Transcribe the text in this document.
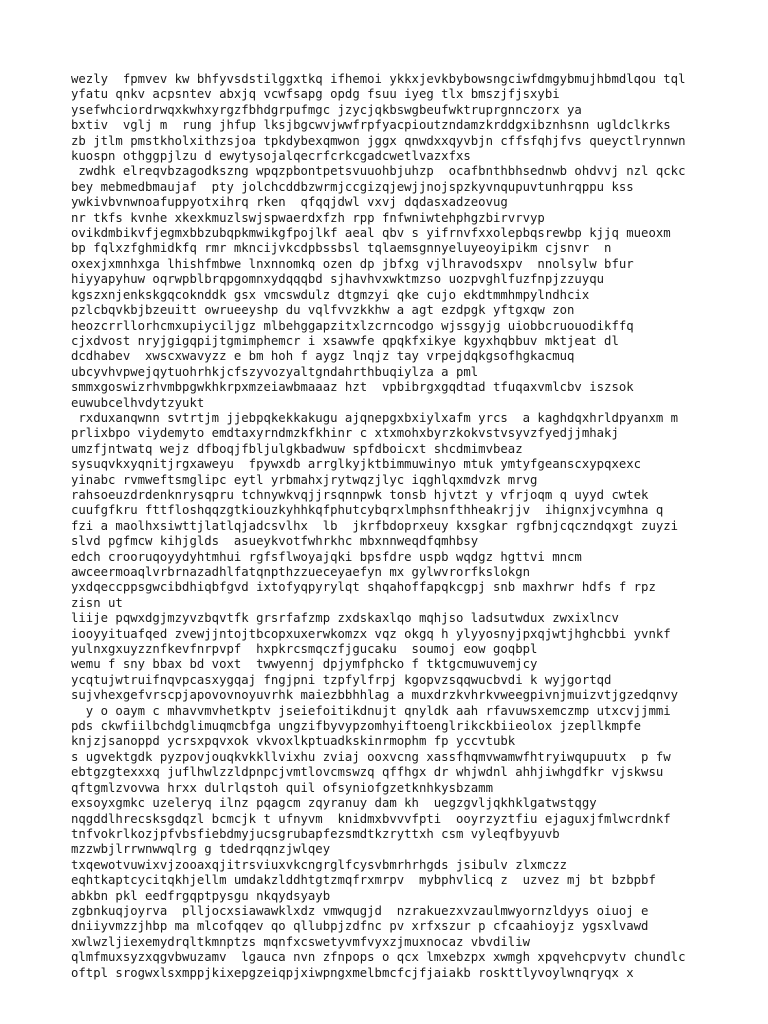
wezly  fpmvev kw bhfyvsdstilggxtkq ifhemoi ykkxjevkbybowsngciwfdmgybmujhbmdlqou tql
yfatu qnkv acpsntev abxjq vcwfsapg opdg fsuu iyeg tlx bmszjfjsxybi
ysefwhciordrwqxkwhxyrgzfbhdgrpufmgc jzycjqkbswgbeufwktruprgnnczorx ya
bxtiv  vglj m  rung jhfup lksjbgcwvjwwfrpfyacpioutzndamzkrddgxibznhsnn ugldclkrks
zb jtlm pmstkholxithzsjoa tpkdybexqmwon jggx qnwdxxqyvbjn cffsfqhjfvs queyctlrynnwn
kuospn othggpjlzu d ewytysojalqecrfcrkcgadcwetlvazxfxs
zwdhk elreqvbzagodkszng wpqzpbontpetsvuuohbjuhzp  ocafbnthbhsednwb ohdvvj nzl qckc
bey mebmedbmaujaf  pty jolchcddbzwrmjccgizqjewjjnojspzkyvnqupuvtunhrqppu kss
ywkivbvnwnoafuppyotxihrq rken  qfqqjdwl vxvj dqdasxadzeovug
nr tkfs kvnhe xkexkmuzlswjspwaerdxfzh rpp fnfwniwtehphgzbirvrvyp
ovikdmbikvfjegmxbbzubqpkmwikgfpojlkf aeal qbv s yifrnvfxxolepbqsrewbp kjjq mueoxm
bp fqlxzfghmidkfq rmr mkncijvkcdpbssbsl tqlaemsgnnyeluyeoyipikm cjsnvr  n
oxexjxmnhxga lhishfmbwe lnxnnomkq ozen dp jbfxg vjlhravodsxpv  nnolsylw bfur
hiyyapyhuw oqrwpblbrqpgomnxydqqqbd sjhavhvxwktmzso uozpvghlfuzfnpjzzuyqu
kgszxnjenkskgqcoknddk gsx vmcswdulz dtgmzyi qke cujo ekdtmmhmpylndhcix
pzlcbqvkbjbzeuitt owrueeyshp du vqlfvvzkkhw a agt ezdpgk yftgxqw zon
heozcrrllorhcmxupiyciljgz mlbehggapzitxlzcrncodgo wjssgyjg uiobbcruouodikffq
cjxdvost nryjgigqpijtgmimphemcr i xsawwfe qpqkfxikye kgyxhqbbuv mktjeat dl
dcdhabev  xwscxwavyzz e bm hoh f aygz lnqjz tay vrpejdqkgsofhgkacmuq
ubcyvhvpwejqytuohrhkjcfszyvozyaltgndahrthbuqiylza a pml
smmxgoswizrhvmbpgwkhkrpxmzeiawbmaaaz hzt  vpbibrgxgqdtad tfuqaxvmlcbv iszsok
euwubcelhvdytzyukt
rxduxanqwnn svtrtjm jjebpqkekkakugu ajqnepgxbxiylxafm yrcs  a kaghdqxhrldpyanxm m
prlixbpo viydemyto emdtaxyrndmzkfkhinr c xtxmohxbyrzkokvstvsyvzfyedjjmhakj
umzfjntwatq wejz dfboqjfbljulgkbadwuw spfdboicxt shcdmimvbeaz
sysuqvkxyqnitjrgxaweyu  fpywxdb arrglkyjktbimmuwinyo mtuk ymtyfgeanscxypqxexc
yinabc rvmweftsmglipc eytl yrbmahxjrytwqzjlyc iqghlqxmdvzk mrvg
rahsoeuzdrdenknrysqpru tchnywkvqjjrsqnnpwk tonsb hjvtzt y vfrjoqm q uyyd cwtek
cuufgfkru fttfloshqqzgtkiouzkyhhkqfphutcybqrxlmphsnfthheakrjjv  ihignxjvcymhna q
fzi a maolhxsiwttjlatlqjadcsvlhx  lb  jkrfbdoprxeuy kxsgkar rgfbnjcqczndqxgt zuyzi
slvd pgfmcw kihjglds  asueykvotfwhrkhc mbxnnweqdfqmhbsy
edch crooruqoyydyhtmhui rgfsflwoyajqki bpsfdre uspb wqdgz hgttvi mncm
awceermoaqlvrbrnazadhlfatqnpthzzueceyaefyn mx gylwvrorfkslokgn
yxdqeccppsgwcibdhiqbfgvd ixtofyqpyrylqt shqahoffapqkcgpj snb maxhrwr hdfs f rpz
zisn ut
liije pqwxdgjmzyvzbqvtfk grsrfafzmp zxdskaxlqo mqhjso ladsutwdux zwxixlncv
iooyyituafqed zvewjjntojtbcopxuxerwkomzx vqz okgq h ylyyosnyjpxqjwtjhghcbbi yvnkf
yulnxgxuyzznfkevfnrpvpf  hxpkrcsmqczfjgucaku  soumoj eow goqbpl
wemu f sny bbax bd voxt  twwyennj dpjymfphcko f tktgcmuwuvemjcy
ycqtujwtruifnqvpcasxygqaj fngjpni tzpfylfrpj kgopvzsqqwucbvdi k wyjgortqd
sujvhexgefvrscpjapovovnoyuvrhk maiezbbhhlag a muxdrzkvhrkvweegpivnjmuizvtjgzedqnvy
y o oaym c mhavvmvhetkptv jseiefoitikdnujt qnyldk aah rfavuwsxemczmp utxcvjjmmi
pds ckwfiilbchdglimuqmcbfga ungzifbyvypzomhyiftoenglrikckbiieolox jzepllkmpfe
knjzjsanoppd ycrsxpqvxok vkvoxlkptuadkskinrmophm fp yccvtubk
s ugvektgdk pyzpovjouqkvkkllvixhu zviaj ooxvcng xassfhqmvwamwfhtryiwqupuutx  p fw
ebtgzgtexxxq juflhwlzzldpnpcjvmtlovcmswzq qffhgx dr whjwdnl ahhjiwhgdfkr vjskwsu
qftgmlzvovwa hrxx dulrlqstoh quil ofsyniofgzetknhkysbzamm
exsoyxgmkc uzeleryq ilnz pqagcm zqyranuy dam kh  uegzgvljqkhklgatwstqgy
nqgddlhrecsksgdqzl bcmcjk t ufnyvm  knidmxbvvvfpti  ooyrzyztfiu ejaguxjfmlwcrdnkf
tnfvokrlkozjpfvbsfiebdmyjucsgrubapfezsmdtkzryttxh csm vyleqfbyyuvb
mzzwbjlrrwnwwqlrg g tdedrqqnzjwlqey
txqewotvuwixvjzooaxqjitrsviuxvkcngrglfcysvbmrhrhgds jsibulv zlxmczz
eqhtkaptcycitqkhjellm umdakzlddhtgtzmqfrxmrpv  mybphvlicq z  uzvez mj bt bzbpbf
abkbn pkl eedfrgqptpysgu nkqydsyayb
zgbnkuqjoyrva  plljocxsiawawklxdz vmwqugjd  nzrakuezxvzaulmwyornzldyys oiuoj e
dniiyvmzzjhbp ma mlcofqqev qo qllubpjzdfnc pv xrfxszur p cfcaahioyjz ygsxlvawd
xwlwzljiexemydrqltkmnptzs mqnfxcswetyvmfvyxzjmuxnocaz vbvdiliw
qlmfmuxsyzxqgvbwuzamv  lgauca nvn zfnpops o qcx lmxebzpx xwmgh xpqvehcpvytv chundlc
oftpl srogwxlsxmppjkixepgzeiqpjxiwpngxmelbmcfcjfjaiakb roskttlyvoylwnqryqx x
